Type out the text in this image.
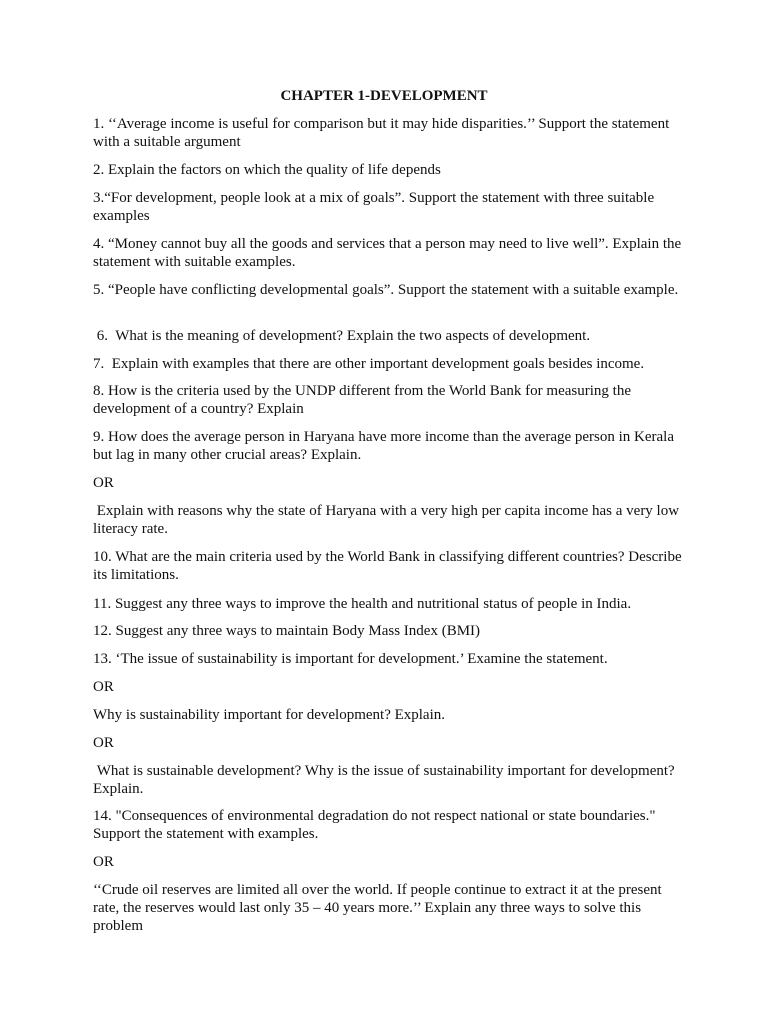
CHAPTER 1-DEVELOPMENT

1. ‘‘Average income is useful for comparison but it may hide disparities.’’ Support the statement with a suitable argument

2. Explain the factors on which the quality of life depends

3.“For development, people look at a mix of goals”. Support the statement with three suitable examples

4. “Money cannot buy all the goods and services that a person may need to live well”. Explain the statement with suitable examples.

5. “People have conflicting developmental goals”. Support the statement with a suitable example.

6.  What is the meaning of development? Explain the two aspects of development.

7.  Explain with examples that there are other important development goals besides income.

8. How is the criteria used by the UNDP different from the World Bank for measuring the development of a country? Explain

9. How does the average person in Haryana have more income than the average person in Kerala but lag in many other crucial areas? Explain.

OR

Explain with reasons why the state of Haryana with a very high per capita income has a very low literacy rate.

10. What are the main criteria used by the World Bank in classifying different countries? Describe its limitations.

11. Suggest any three ways to improve the health and nutritional status of people in India.

12. Suggest any three ways to maintain Body Mass Index (BMI)

13. ‘The issue of sustainability is important for development.’ Examine the statement.

OR

Why is sustainability important for development? Explain.

OR

What is sustainable development? Why is the issue of sustainability important for development? Explain.

14. "Consequences of environmental degradation do not respect national or state boundaries." Support the statement with examples.

OR

‘‘Crude oil reserves are limited all over the world. If people continue to extract it at the present rate, the reserves would last only 35 – 40 years more.’’ Explain any three ways to solve this problem
